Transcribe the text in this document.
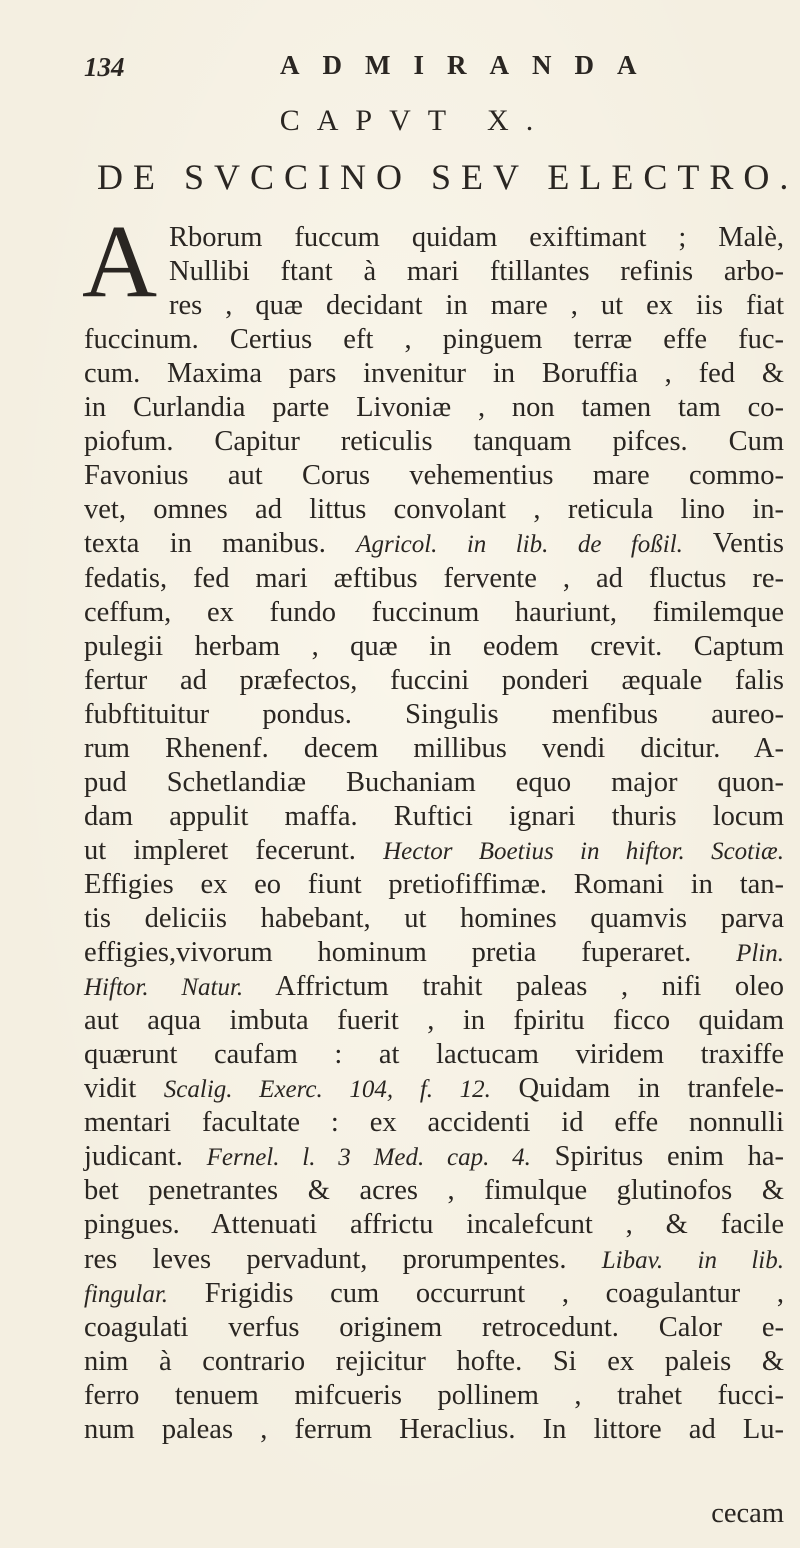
134	ADMIRANDA
CAPVT X.
DE SVCCINO SEV ELECTRO.
A Rborum fuccum quidam exiftimant ; Malè,
Nullibi ftant à mari ftillantes refinis arbo-
res , quæ decidant in mare , ut ex iis fiat
fuccinum. Certius eft , pinguem terræ effe fuc-
cum. Maxima pars invenitur in Boruffia , fed &
in Curlandia parte Livoniæ , non tamen tam co-
piofum. Capitur reticulis tanquam pifces. Cum
Favonius aut Corus vehementius mare commo-
vet, omnes ad littus convolant , reticula lino in-
texta in manibus. Agricol. in lib. de foßil. Ventis
fedatis, fed mari æftibus fervente , ad fluctus re-
ceffum, ex fundo fuccinum hauriunt, fimilemque
pulegii herbam , quæ in eodem crevit. Captum
fertur ad præfectos, fuccini ponderi æquale falis
fubftituitur pondus. Singulis menfibus aureo-
rum Rhenenf. decem millibus vendi dicitur. A-
pud Schetlandiæ Buchaniam equo major quon-
dam appulit maffa. Ruftici ignari thuris locum
ut impleret fecerunt. Hector Boetius in hiftor. Scotiæ.
Effigies ex eo fiunt pretiofiffimæ. Romani in tan-
tis deliciis habebant, ut homines quamvis parva
effigies,vivorum hominum pretia fuperaret. Plin.
Hiftor. Natur. Affrictum trahit paleas , nifi oleo
aut aqua imbuta fuerit , in fpiritu ficco quidam
quærunt caufam : at lactucam viridem traxiffe
vidit Scalig. Exerc. 104, f. 12. Quidam in tranfele-
mentari facultate : ex accidenti id effe nonnulli
judicant. Fernel. l. 3 Med. cap. 4. Spiritus enim ha-
bet penetrantes & acres , fimulque glutinofos &
pingues. Attenuati affrictu incalefcunt , & facile
res leves pervadunt, prorumpentes. Libav. in lib.
fingular. Frigidis cum occurrunt , coagulantur ,
coagulati verfus originem retrocedunt. Calor e-
nim à contrario rejicitur hofte. Si ex paleis &
ferro tenuem mifcueris pollinem , trahet fucci-
num paleas , ferrum Heraclius. In littore ad Lu-
cecam
